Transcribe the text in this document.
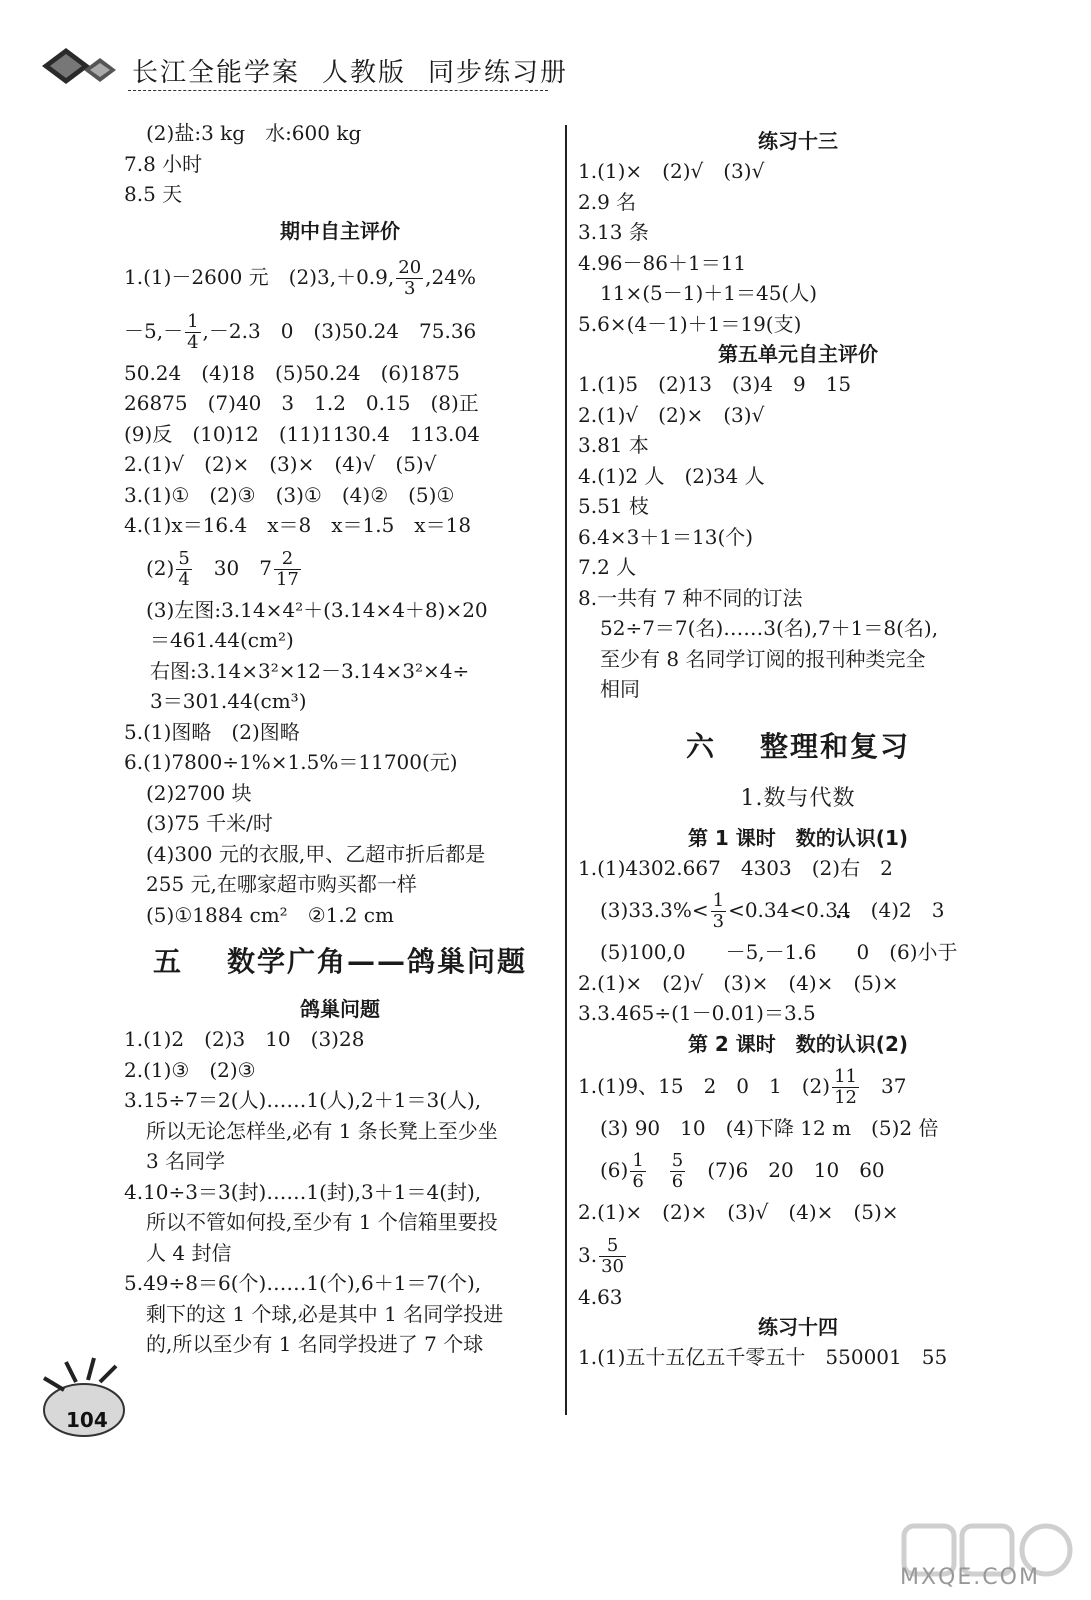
长江全能学案 人教版 同步练习册
(2)盐:3 kg　水:600 kg
7.8 小时
8.5 天
期中自主评价
1.(1)－2600 元　(2)3,＋0.9, $\frac{20}{3} ,24\%$
$-5,- \frac{1}{4} ,-2.3$　0　(3)50.24　75.36
50.24　(4)18　(5)50.24　(6)1875
26875　(7)40　3　1.2　0.15　(8)正
(9)反　(10)12　(11)1130.4　113.04
2.(1)√　(2)×　(3)×　(4)√　(5)√
3.(1)①　(2)③　(3)①　(4)②　(5)①
4.(1)x＝16.4　x＝8　x＝1.5　x＝18
$(2) \frac{5}{4}$ 　30　$7 \frac{2}{17}$
(3)左图:3.14×4²＋(3.14×4＋8)×20
＝461.44(cm²)
右图:3.14×3²×12－3.14×3²×4÷
3＝301.44(cm³)
5.(1)图略　(2)图略
6.(1)7800÷1%×1.5%＝11700(元)
(2)2700 块
(3)75 千米/时
(4)300 元的衣服,甲、乙超市折后都是
255 元,在哪家超市购买都一样
(5)①1884 cm²　②1.2 cm
五 数学广角——鸽巢问题
鸽巢问题
1.(1)2　(2)3　10　(3)28
2.(1)③　(2)③
3.15÷7＝2(人)……1(人),2＋1＝3(人),
所以无论怎样坐,必有 1 条长凳上至少坐
3 名同学
4.10÷3＝3(封)……1(封),3＋1＝4(封),
所以不管如何投,至少有 1 个信箱里要投
人 4 封信
5.49÷8＝6(个)……1(个),6＋1＝7(个),
剩下的这 1 个球,必是其中 1 名同学投进
的,所以至少有 1 名同学投进了 7 个球
练习十三
1.(1)×　(2)√　(3)√
2.9 名
3.13 条
4.96－86＋1＝11
11×(5－1)＋1＝45(人)
5.6×(4－1)＋1＝19(支)
第五单元自主评价
1.(1)5　(2)13　(3)4　9　15
2.(1)√　(2)×　(3)√
3.81 本
4.(1)2 人　(2)34 人
5.51 枝
6.4×3＋1＝13(个)
7.2 人
8.一共有 7 种不同的订法
52÷7＝7(名)……3(名),7＋1＝8(名),
至少有 8 名同学订阅的报刊种类完全
相同
六 整理和复习
1.数与代数
第 1 课时　数的认识(1)
1.(1)4302.667　4303　(2)右　2
$(3)33.3\%< \frac{1}{3} <0.34<0$... 34　(4)2　3
(5)100,0　　－5,－1.6　　0　(6)小于
2.(1)×　(2)√　(3)×　(4)×　(5)×
3.3.465÷(1－0.01)＝3.5
第 2 课时　数的认识(2)
1.(1)9、15　2　0　1　$(2) \frac{11}{12}$ 　37
(3) 90　10　(4)下降 12 m　(5)2 倍
$(6) \frac{1}{6}$
　 $\frac{5}{6}$ 　(7)6　20　10　60
2.(1)×　(2)×　(3)√　(4)×　(5)×
3. $\frac{5}{30}$
4.63
练习十四
1.(1)五十五亿五千零五十　550001　55
104
MXQE.COM
